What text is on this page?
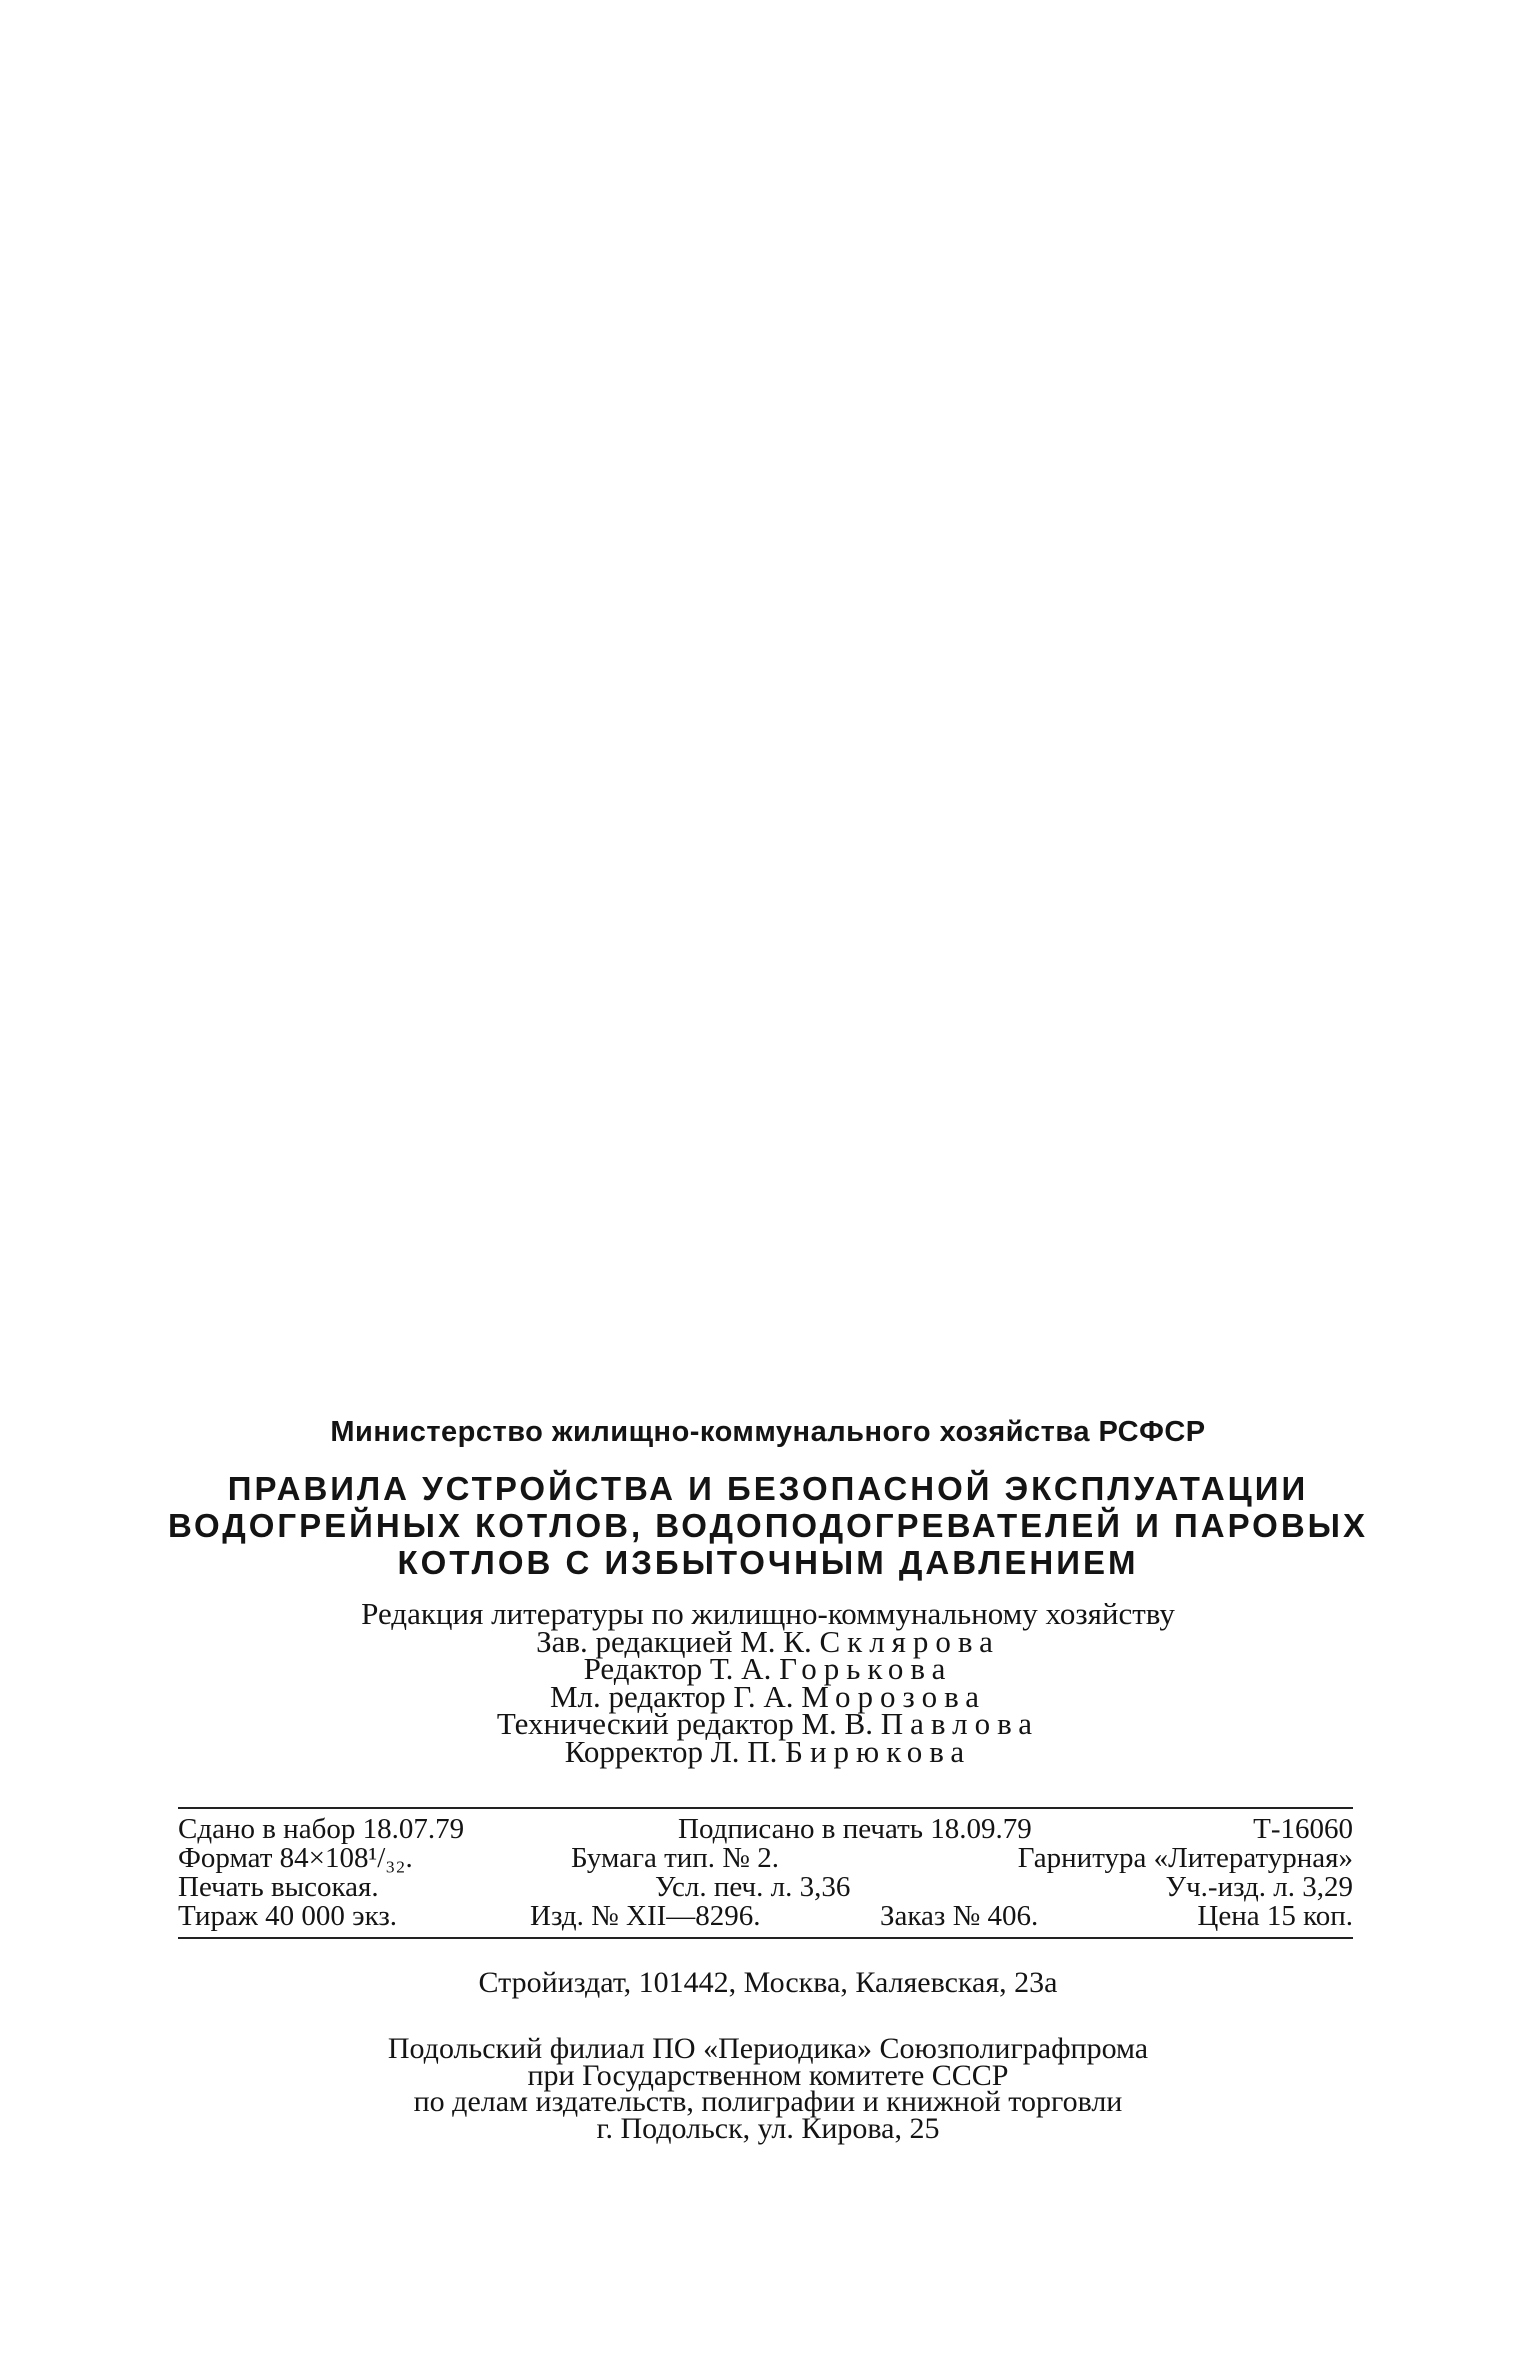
Министерство жилищно-коммунального хозяйства РСФСР
ПРАВИЛА УСТРОЙСТВА И БЕЗОПАСНОЙ ЭКСПЛУАТАЦИИ
ВОДОГРЕЙНЫХ КОТЛОВ, ВОДОПОДОГРЕВАТЕЛЕЙ И ПАРОВЫХ
КОТЛОВ С ИЗБЫТОЧНЫМ ДАВЛЕНИЕМ
Редакция литературы по жилищно-коммунальному хозяйству
Зав. редакцией М. К. Склярова
Редактор Т. А. Горькова
Мл. редактор Г. А. Морозова
Технический редактор М. В. Павлова
Корректор Л. П. Бирюкова
Сдано в набор 18.07.79	Подписано в печать 18.09.79	Т-16060
Формат 84×108¹/₃₂.	Бумага тип. № 2.	Гарнитура «Литературная»
Печать высокая.	Усл. печ. л. 3,36	Уч.-изд. л. 3,29
Тираж 40 000 экз.	Изд. № XII—8296.	Заказ № 406.	Цена 15 коп.
Стройиздат, 101442, Москва, Каляевская, 23а
Подольский филиал ПО «Периодика» Союзполиграфпрома
при Государственном комитете СССР
по делам издательств, полиграфии и книжной торговли
г. Подольск, ул. Кирова, 25
